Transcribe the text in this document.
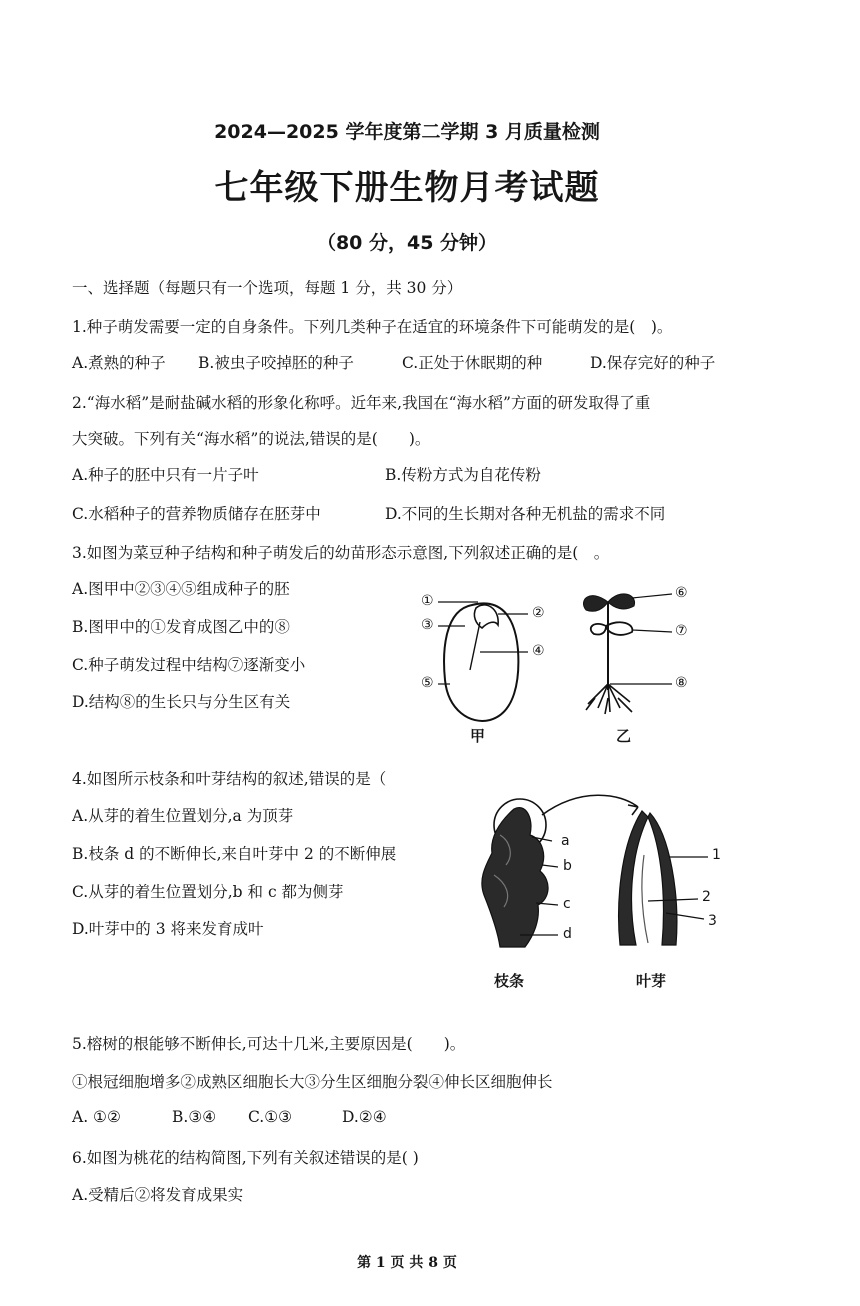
2024—2025 学年度第二学期 3 月质量检测
七年级下册生物月考试题
（80 分，45 分钟）
一、选择题（每题只有一个选项，每题 1 分，共 30 分）
1.种子萌发需要一定的自身条件。下列几类种子在适宜的环境条件下可能萌发的是(　)。
A.煮熟的种子 B.被虫子咬掉胚的种子	C.正处于休眠期的种	D.保存完好的种子
2.“海水稻”是耐盐碱水稻的形象化称呼。近年来,我国在“海水稻”方面的研发取得了重
大突破。下列有关“海水稻”的说法,错误的是(　　)。
A.种子的胚中只有一片子叶	B.传粉方式为自花传粉
C.水稻种子的营养物质储存在胚芽中	D.不同的生长期对各种无机盐的需求不同
3.如图为菜豆种子结构和种子萌发后的幼苗形态示意图,下列叙述正确的是(　。
A.图甲中②③④⑤组成种子的胚
B.图甲中的①发育成图乙中的⑧
C.种子萌发过程中结构⑦逐渐变小
D.结构⑧的生长只与分生区有关
①
②
③
④
⑤
⑥
⑦
⑧
甲	乙
4.如图所示枝条和叶芽结构的叙述,错误的是（
A.从芽的着生位置划分,a 为顶芽
B.枝条 d 的不断伸长,来自叶芽中 2 的不断伸展
C.从芽的着生位置划分,b 和 c 都为侧芽
D.叶芽中的 3 将来发育成叶
a
b
c
d
1
2
3
枝条	叶芽
5.榕树的根能够不断伸长,可达十几米,主要原因是(　　)。
①根冠细胞增多②成熟区细胞长大③分生区细胞分裂④伸长区细胞伸长
A. ①②	B.③④ C.①③	D.②④
6.如图为桃花的结构简图,下列有关叙述错误的是( )
A.受精后②将发育成果实
第 1 页 共 8 页
